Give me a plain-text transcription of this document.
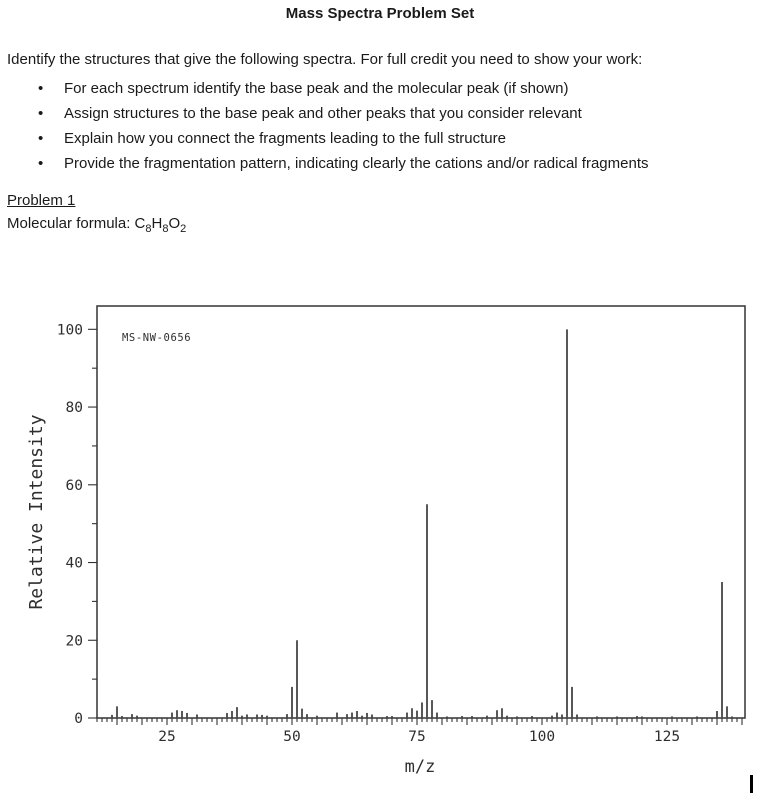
Mass Spectra Problem Set
Identify the structures that give the following spectra. For full credit you need to show your work:
• For each spectrum identify the base peak and the molecular peak (if shown)
• Assign structures to the base peak and other peaks that you consider relevant
• Explain how you connect the fragments leading to the full structure
• Provide the fragmentation pattern, indicating clearly the cations and/or radical fragments
Problem 1
Molecular formula: $C_8H_8O_2$
25	50	75	100	125
0
20
40
60
80
100	MS-NW-0656
m/z
Relative Intensity
